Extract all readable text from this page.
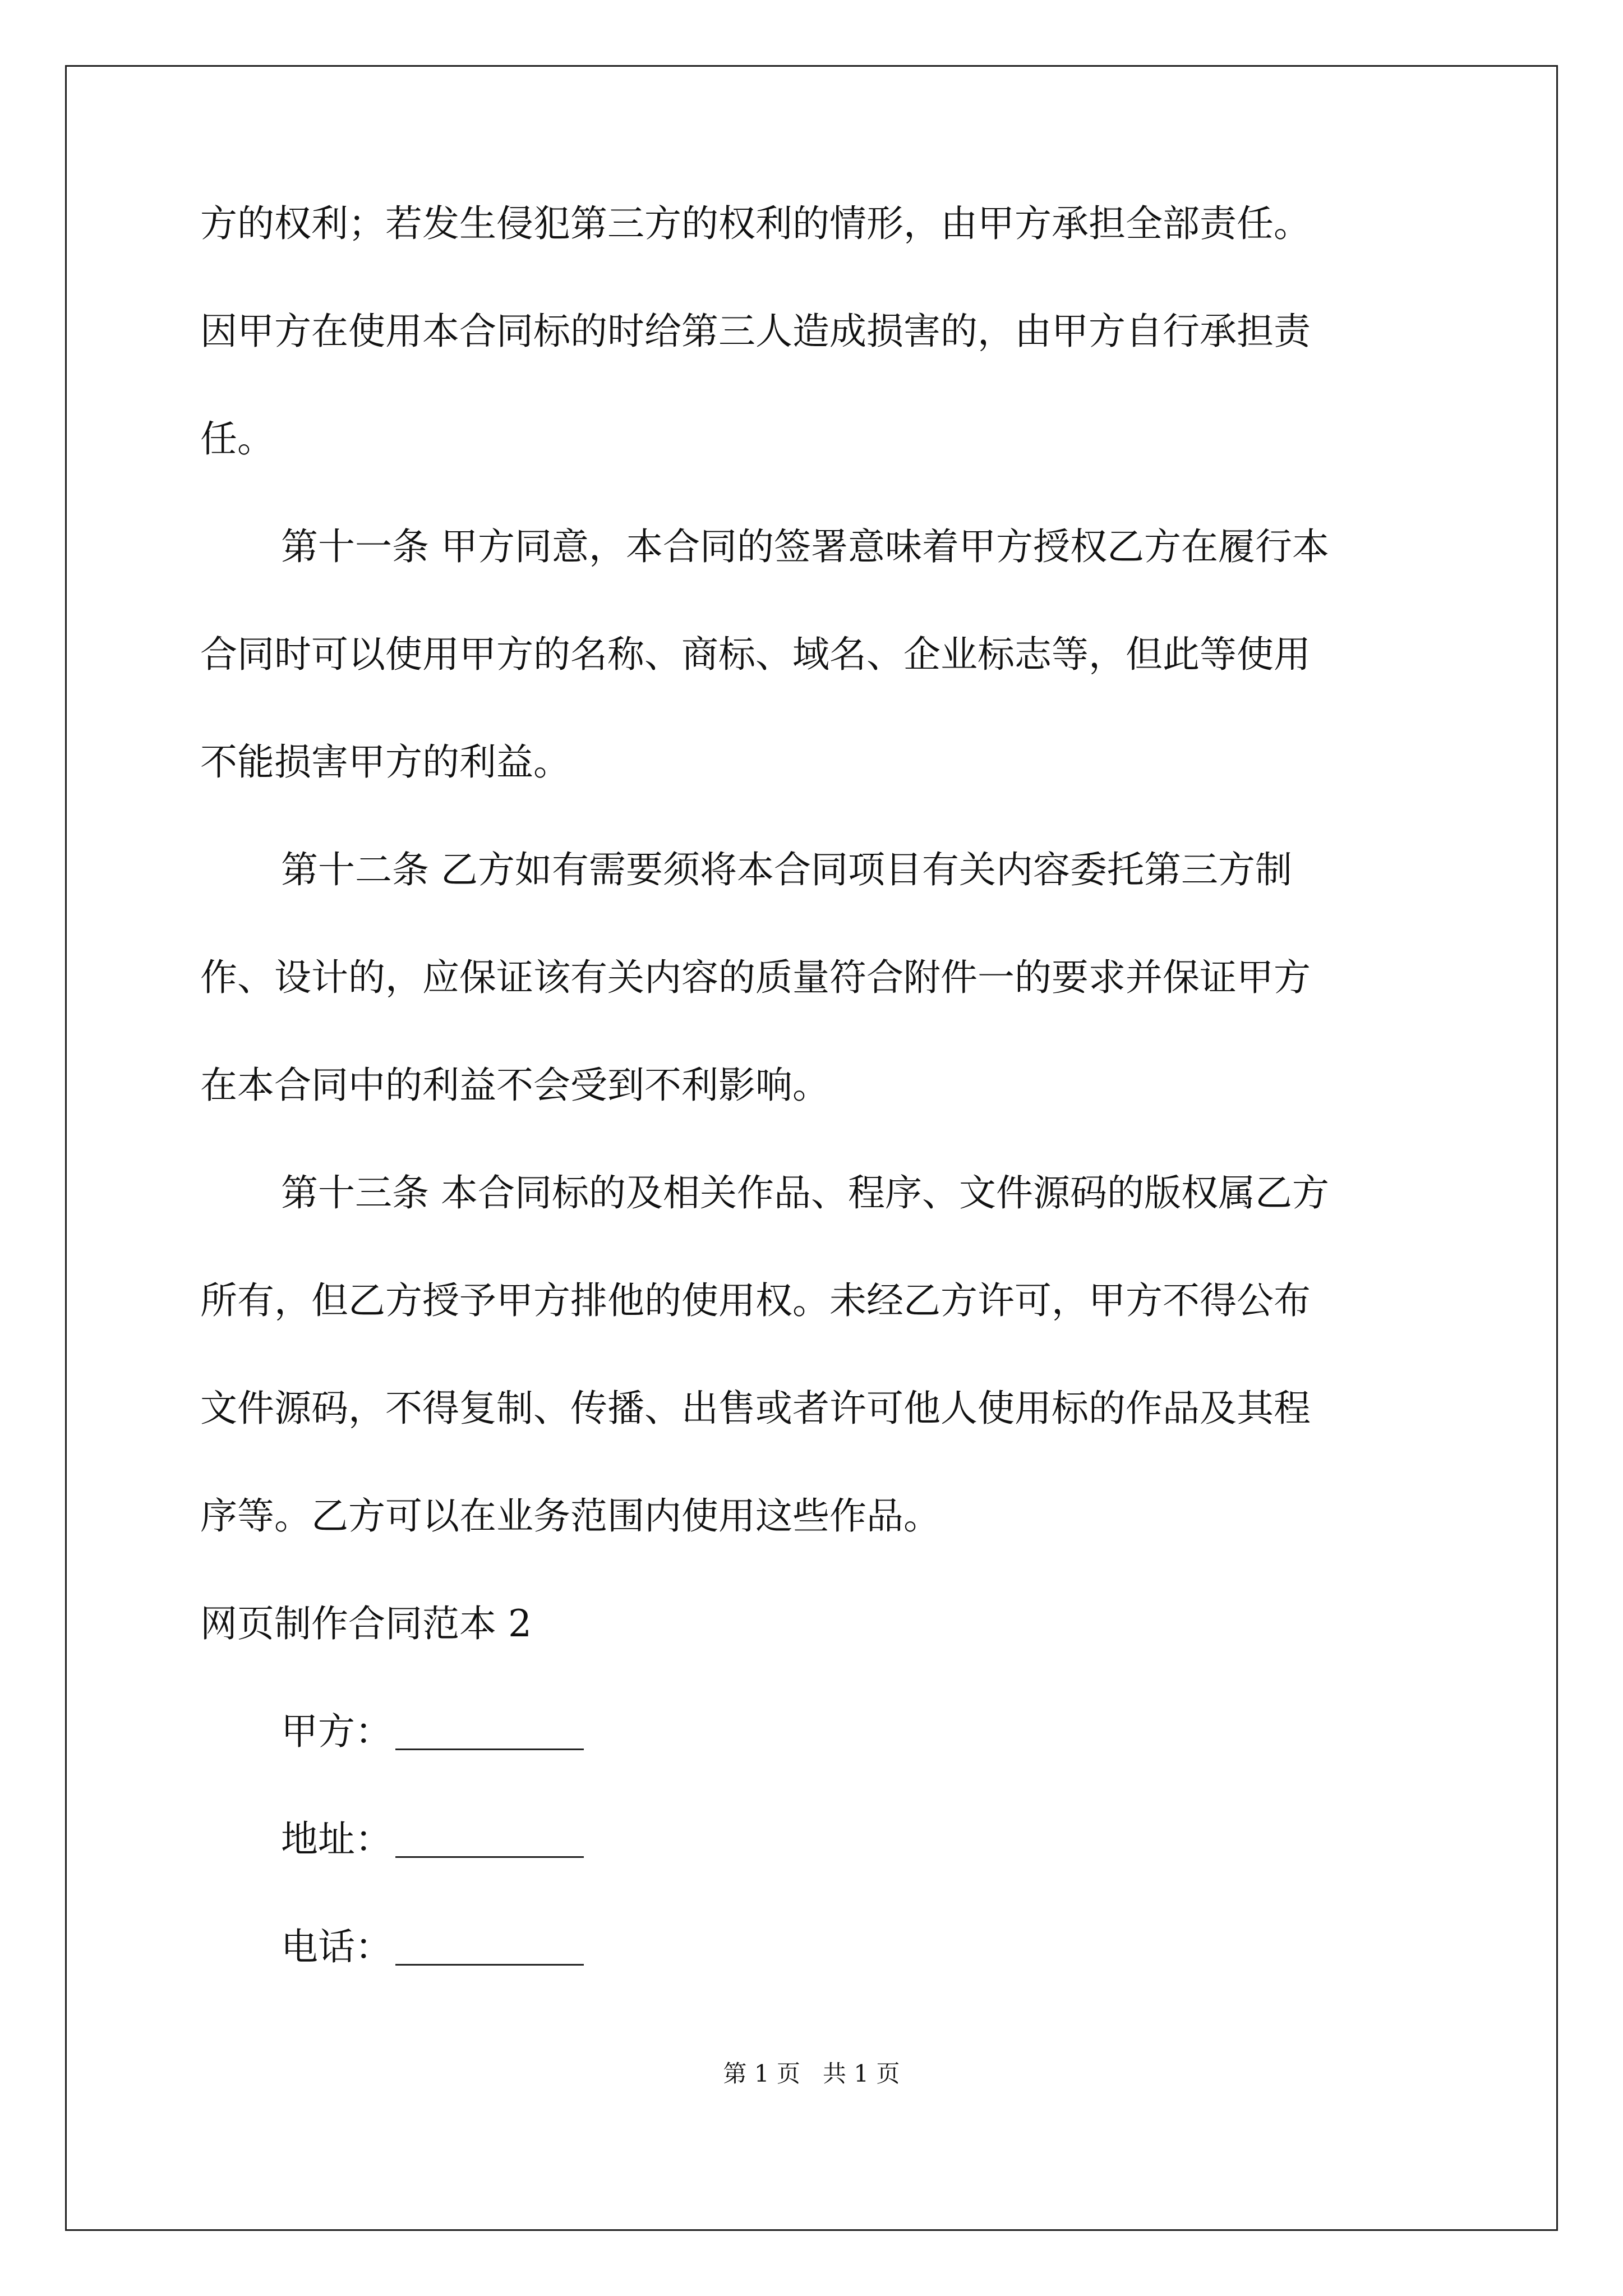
方的权利；若发生侵犯第三方的权利的情形，由甲方承担全部责任。
因甲方在使用本合同标的时给第三人造成损害的，由甲方自行承担责
任。
第十一条 甲方同意，本合同的签署意味着甲方授权乙方在履行本
合同时可以使用甲方的名称、商标、域名、企业标志等，但此等使用
不能损害甲方的利益。
第十二条 乙方如有需要须将本合同项目有关内容委托第三方制
作、设计的，应保证该有关内容的质量符合附件一的要求并保证甲方
在本合同中的利益不会受到不利影响。
第十三条 本合同标的及相关作品、程序、文件源码的版权属乙方
所有，但乙方授予甲方排他的使用权。未经乙方许可，甲方不得公布
文件源码，不得复制、传播、出售或者许可他人使用标的作品及其程
序等。乙方可以在业务范围内使用这些作品。
网页制作合同范本 2
甲方：
地址：
电话：
第 1 页   共 1 页
